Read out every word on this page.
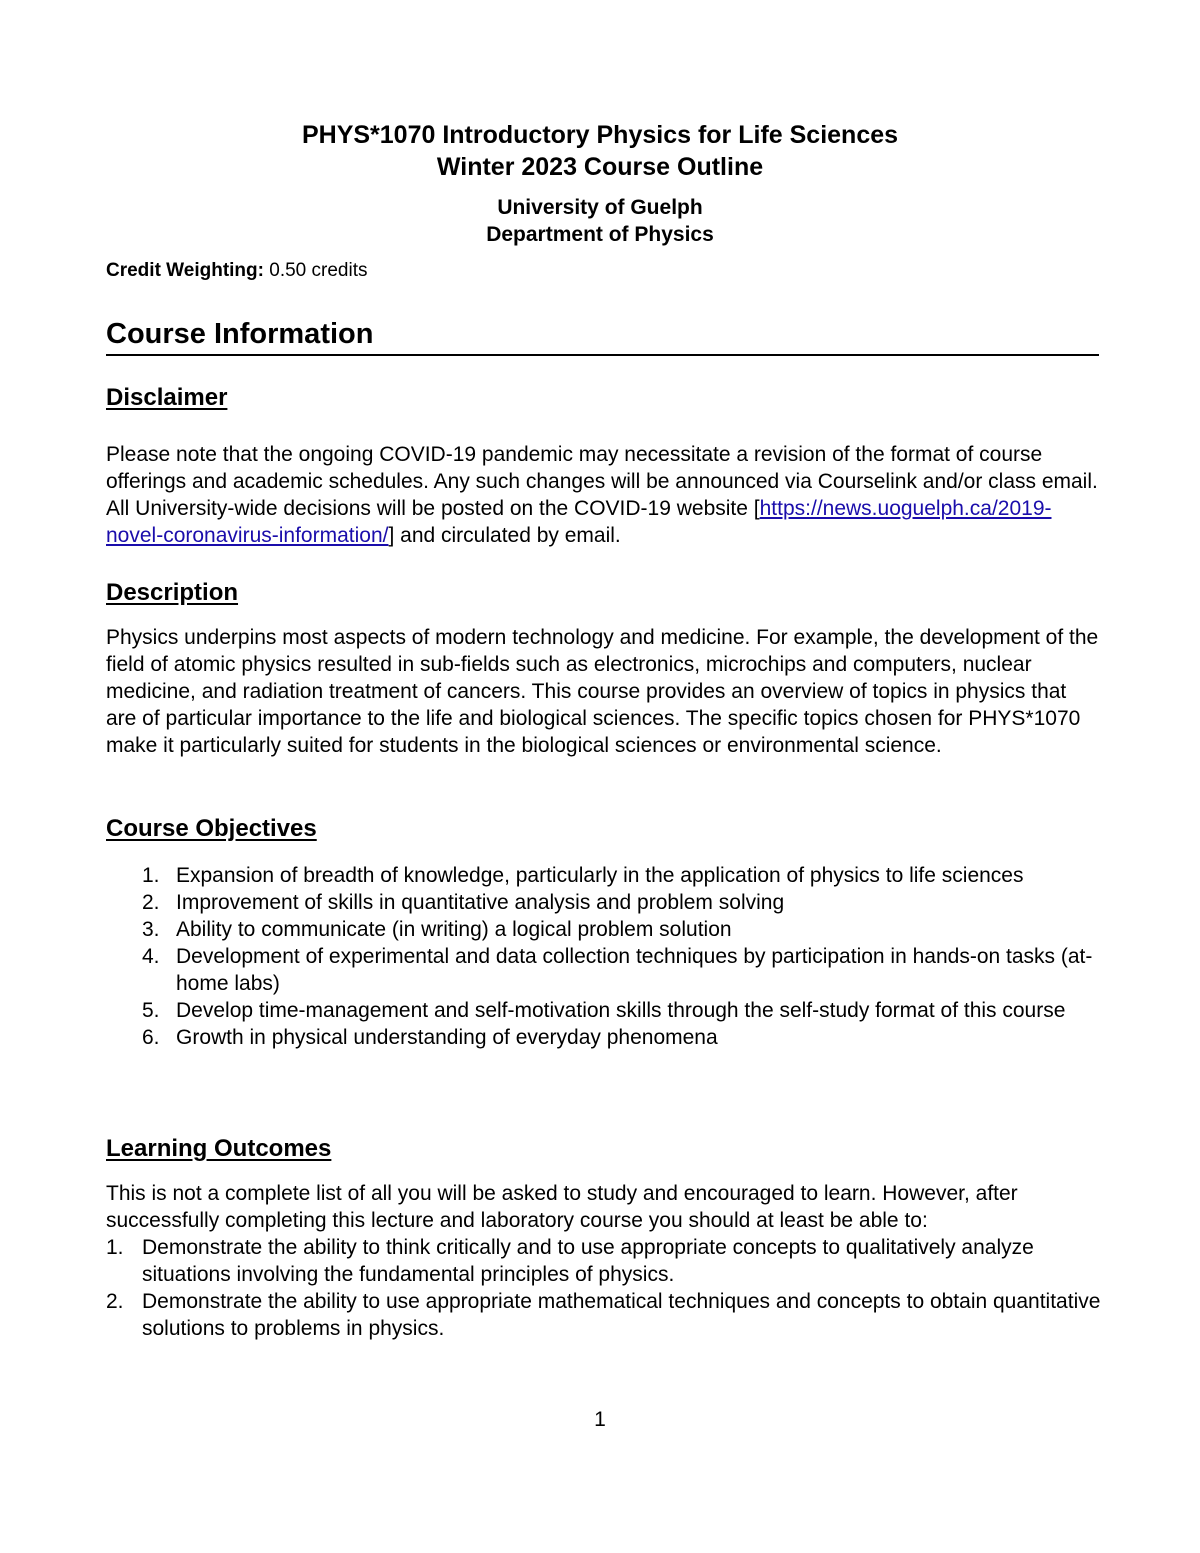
PHYS*1070 Introductory Physics for Life Sciences
Winter 2023 Course Outline
University of Guelph
Department of Physics
Credit Weighting: 0.50 credits
Course Information
Disclaimer

Please note that the ongoing COVID-19 pandemic may necessitate a revision of the format of course offerings and academic schedules. Any such changes will be announced via Courselink and/or class email. All University-wide decisions will be posted on the COVID-19 website [https://news.uoguelph.ca/2019-novel-coronavirus-information/] and circulated by email.

Description
Physics underpins most aspects of modern technology and medicine. For example, the development of the field of atomic physics resulted in sub-fields such as electronics, microchips and computers, nuclear medicine, and radiation treatment of cancers. This course provides an overview of topics in physics that are of particular importance to the life and biological sciences. The specific topics chosen for PHYS*1070 make it particularly suited for students in the biological sciences or environmental science.
Course Objectives
1. Expansion of breadth of knowledge, particularly in the application of physics to life sciences
2. Improvement of skills in quantitative analysis and problem solving
3. Ability to communicate (in writing) a logical problem solution
4. Development of experimental and data collection techniques by participation in hands-on tasks (at-home labs)
5. Develop time-management and self-motivation skills through the self-study format of this course
6. Growth in physical understanding of everyday phenomena
Learning Outcomes
This is not a complete list of all you will be asked to study and encouraged to learn. However, after successfully completing this lecture and laboratory course you should at least be able to:
1. Demonstrate the ability to think critically and to use appropriate concepts to qualitatively analyze situations involving the fundamental principles of physics.
2. Demonstrate the ability to use appropriate mathematical techniques and concepts to obtain quantitative solutions to problems in physics.
1
